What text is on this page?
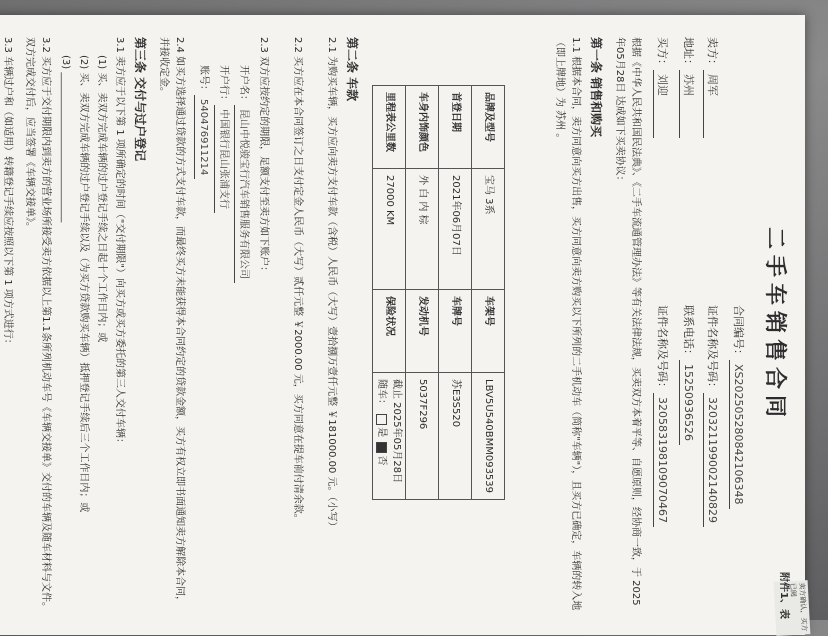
卖方确认，买方已阅
附件1、表
二手车销售合同
合同编号：XS202505280842106348
卖方：周军
证件名称及号码：320321199002140829
地址：苏州
联系电话：15250936526
买方：刘迎
证件名称及号码：320583198109070467
根据《中华人民共和国民法典》、《二手车流通管理办法》等有关法律法规，买卖双方本着平等、自愿原则，经协商一致，于 2025年05月28日 达成如下买卖协议：
第一条 销售和购买
1.1 根据本合同，卖方同意向买方出售，买方同意向卖方购买以下所列的二手机动车（简称"车辆"），且买方已确定，车辆的转入地（即上牌地）为 苏州 。
品牌及型号	宝马 3系	车架号	LBV5U540BMM093539
首登日期	2021年06月07日	车牌号	苏E3S520
车身内饰颜色	外 白 内 棕	发动机号	5037F296
里程表公里数	27000 KM	保险状况	截止 2025年05月28日
随车： 是 否
第二条 车款
2.1 为购买车辆，买方应向卖方支付车款（含税）人民币（大写）壹拾捌万壹仟元整 ￥181000.00 元。（小写）
2.2 买方应在本合同签订之日支付定金人民币（大写）贰仟元整 ￥2000.00 元，买方同意在提车前付清余款。
2.3 双方应按约定的期限，足额支付至卖方如下账户：
开户名：昆山中悦骏宝行汽车销售服务有限公司
开户行：中国银行昆山张浦支行
账号：540476911214
2.4 如买方选择通过贷款的方式支付车款，而最终买方未能获得本合同约定的贷款金额，买方有权立即书面通知卖方解除本合同，并接收定金。
第三条 交付与过户登记
3.1 卖方应于以下第 1 项所确定的时间（"交付期限"）向买方或买方委托的第三人交付车辆：
(1) 买、卖双方完成车辆的过户登记手续之日起十个工作日内；或
(2) 买、卖双方完成车辆的过户登记手续以及（为买方贷款购买车辆）抵押登记手续后三个工作日内；或
(3) ______________________________
3.2 买方应于交付期限内到卖方的营业场所接受卖方依据以上第1.1条所列机动车号《车辆交接单》交付的车辆及随车材料与文件。双方完成交付后，应当签署《车辆交接单》。
3.3 车辆过户和（如适用）转籍登记手续应按照以下第 1 项方式进行：
